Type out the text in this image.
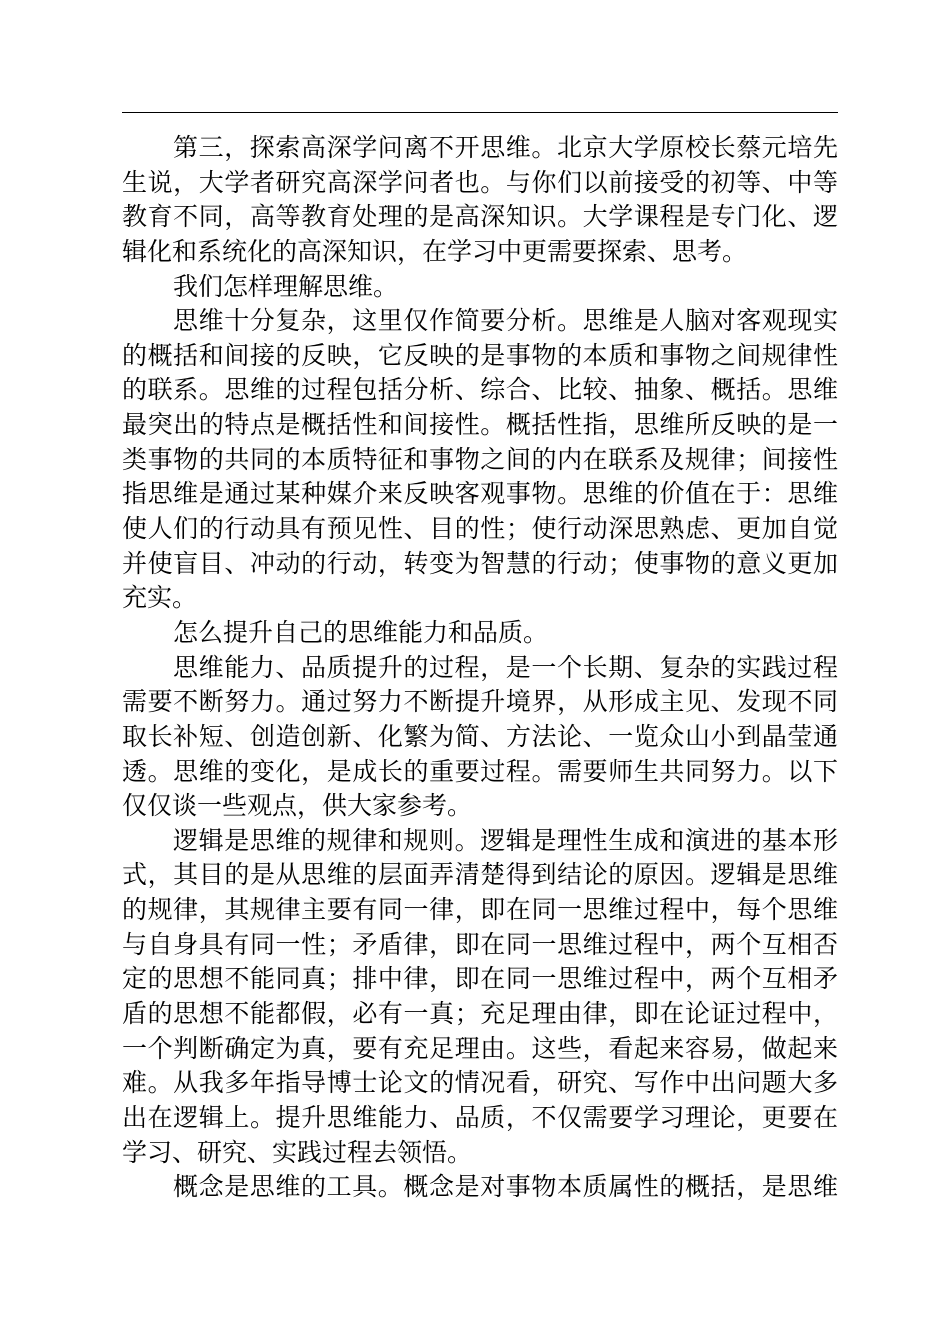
第三，探索高深学问离不开思维。北京大学原校长蔡元培先
生说，大学者研究高深学问者也。与你们以前接受的初等、中等
教育不同，高等教育处理的是高深知识。大学课程是专门化、逻
辑化和系统化的高深知识，在学习中更需要探索、思考。
我们怎样理解思维。
思维十分复杂，这里仅作简要分析。思维是人脑对客观现实
的概括和间接的反映，它反映的是事物的本质和事物之间规律性
的联系。思维的过程包括分析、综合、比较、抽象、概括。思维
最突出的特点是概括性和间接性。概括性指，思维所反映的是一
类事物的共同的本质特征和事物之间的内在联系及规律；间接性
指思维是通过某种媒介来反映客观事物。思维的价值在于：思维
使人们的行动具有预见性、目的性；使行动深思熟虑、更加自觉
并使盲目、冲动的行动，转变为智慧的行动；使事物的意义更加
充实。
怎么提升自己的思维能力和品质。
思维能力、品质提升的过程，是一个长期、复杂的实践过程
需要不断努力。通过努力不断提升境界，从形成主见、发现不同
取长补短、创造创新、化繁为简、方法论、一览众山小到晶莹通
透。思维的变化，是成长的重要过程。需要师生共同努力。以下
仅仅谈一些观点，供大家参考。
逻辑是思维的规律和规则。逻辑是理性生成和演进的基本形
式，其目的是从思维的层面弄清楚得到结论的原因。逻辑是思维
的规律，其规律主要有同一律，即在同一思维过程中，每个思维
与自身具有同一性；矛盾律，即在同一思维过程中，两个互相否
定的思想不能同真；排中律，即在同一思维过程中，两个互相矛
盾的思想不能都假，必有一真；充足理由律，即在论证过程中，
一个判断确定为真，要有充足理由。这些，看起来容易，做起来
难。从我多年指导博士论文的情况看，研究、写作中出问题大多
出在逻辑上。提升思维能力、品质，不仅需要学习理论，更要在
学习、研究、实践过程去领悟。
概念是思维的工具。概念是对事物本质属性的概括，是思维
